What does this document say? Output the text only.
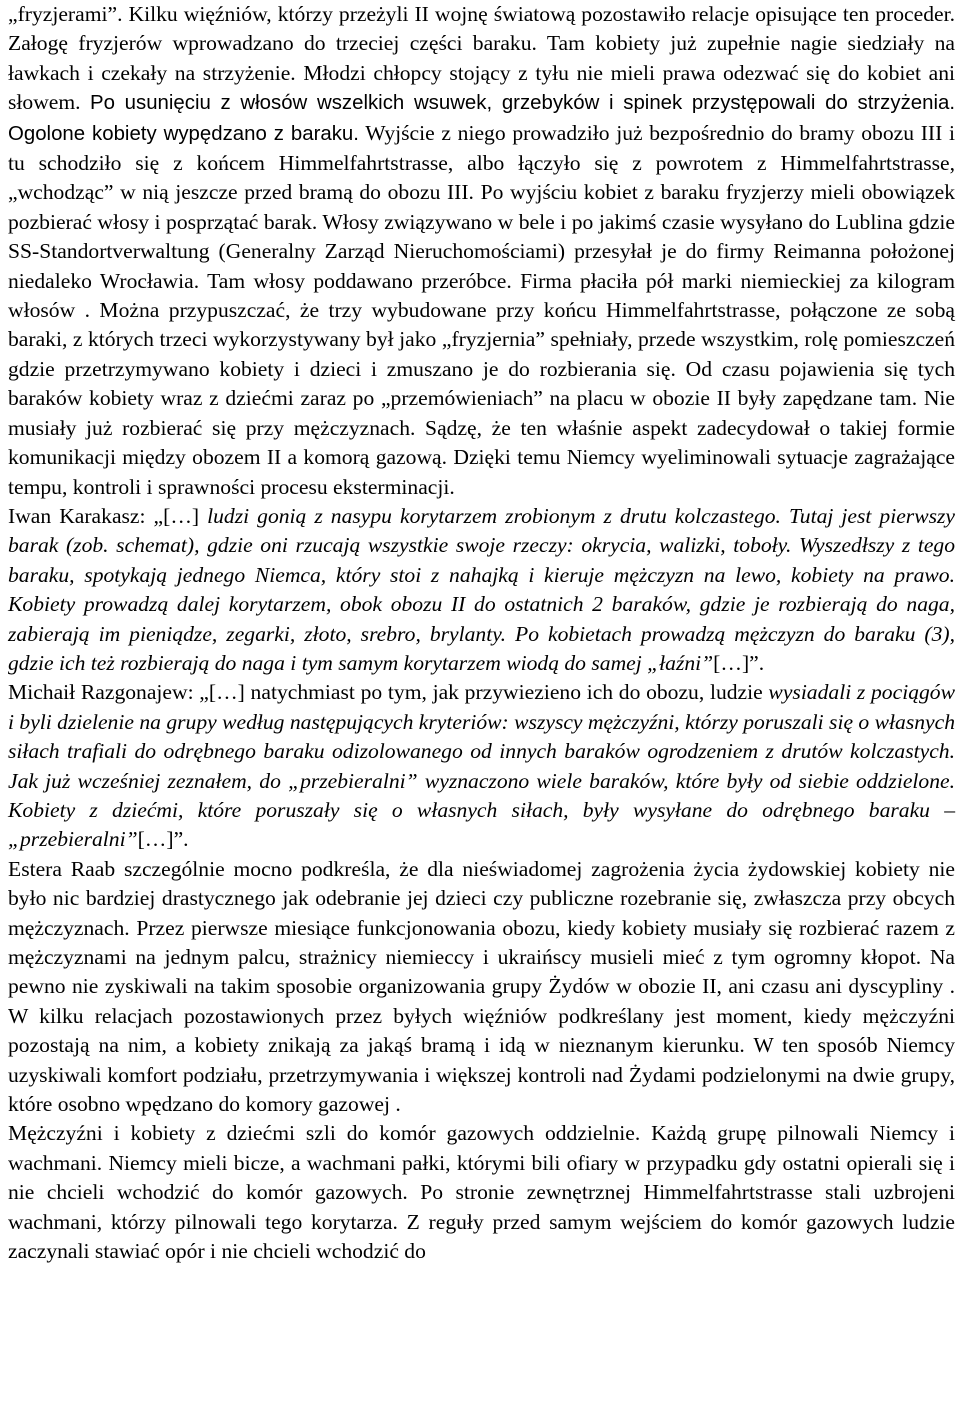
„fryzjerami”. Kilku więźniów, którzy przeżyli II wojnę światową pozostawiło relacje opisujące ten proceder. Załogę fryzjerów wprowadzano do trzeciej części baraku. Tam kobiety już zupełnie nagie siedziały na ławkach i czekały na strzyżenie. Młodzi chłopcy stojący z tyłu nie mieli prawa odezwać się do kobiet ani słowem. Po usunięciu z włosów wszelkich wsuwek, grzebyków i spinek przystępowali do strzyżenia. Ogolone kobiety wypędzano z baraku. Wyjście z niego prowadziło już bezpośrednio do bramy obozu III i tu schodziło się z końcem Himmelfahrtstrasse, albo łączyło się z powrotem z Himmelfahrtstrasse, „wchodząc” w nią jeszcze przed bramą do obozu III. Po wyjściu kobiet z baraku fryzjerzy mieli obowiązek pozbierać włosy i posprzątać barak. Włosy związywano w bele i po jakimś czasie wysyłano do Lublina gdzie SS-Standortverwaltung (Generalny Zarząd Nieruchomościami) przesyłał je do firmy Reimanna położonej niedaleko Wrocławia. Tam włosy poddawano przeróbce. Firma płaciła pół marki niemieckiej za kilogram włosów . Można przypuszczać, że trzy wybudowane przy końcu Himmelfahrtstrasse, połączone ze sobą baraki, z których trzeci wykorzystywany był jako „fryzjernia” spełniały, przede wszystkim, rolę pomieszczeń gdzie przetrzymywano kobiety i dzieci i zmuszano je do rozbierania się. Od czasu pojawienia się tych baraków kobiety wraz z dziećmi zaraz po „przemówieniach” na placu w obozie II były zapędzane tam. Nie musiały już rozbierać się przy mężczyznach. Sądzę, że ten właśnie aspekt zadecydował o takiej formie komunikacji między obozem II a komorą gazową. Dzięki temu Niemcy wyeliminowali sytuacje zagrażające tempu, kontroli i sprawności procesu eksterminacji.

Iwan Karakasz: „[…] ludzi gonią z nasypu korytarzem zrobionym z drutu kolczastego. Tutaj jest pierwszy barak (zob. schemat), gdzie oni rzucają wszystkie swoje rzeczy: okrycia, walizki, toboły. Wyszedłszy z tego baraku, spotykają jednego Niemca, który stoi z nahajką i kieruje mężczyzn na lewo, kobiety na prawo. Kobiety prowadzą dalej korytarzem, obok obozu II do ostatnich 2 baraków, gdzie je rozbierają do naga, zabierają im pieniądze, zegarki, złoto, srebro, brylanty. Po kobietach prowadzą mężczyzn do baraku (3), gdzie ich też rozbierają do naga i tym samym korytarzem wiodą do samej „łaźni”[…]”.

Michaił Razgonajew: „[…] natychmiast po tym, jak przywiezieno ich do obozu, ludzie wysiadali z pociągów i byli dzielenie na grupy według następujących kryteriów: wszyscy mężczyźni, którzy poruszali się o własnych siłach trafiali do odrębnego baraku odizolowanego od innych baraków ogrodzeniem z drutów kolczastych. Jak już wcześniej zeznałem, do „przebieralni” wyznaczono wiele baraków, które były od siebie oddzielone. Kobiety z dziećmi, które poruszały się o własnych siłach, były wysyłane do odrębnego baraku – „przebieralni”[…]”.

Estera Raab szczególnie mocno podkreśla, że dla nieświadomej zagrożenia życia żydowskiej kobiety nie było nic bardziej drastycznego jak odebranie jej dzieci czy publiczne rozebranie się, zwłaszcza przy obcych mężczyznach. Przez pierwsze miesiące funkcjonowania obozu, kiedy kobiety musiały się rozbierać razem z mężczyznami na jednym palcu, strażnicy niemieccy i ukraińscy musieli mieć z tym ogromny kłopot. Na pewno nie zyskiwali na takim sposobie organizowania grupy Żydów w obozie II, ani czasu ani dyscypliny . W kilku relacjach pozostawionych przez byłych więźniów podkreślany jest moment, kiedy mężczyźni pozostają na nim, a kobiety znikają za jakąś bramą i idą w nieznanym kierunku. W ten sposób Niemcy uzyskiwali komfort podziału, przetrzymywania i większej kontroli nad Żydami podzielonymi na dwie grupy, które osobno wpędzano do komory gazowej .

Mężczyźni i kobiety z dziećmi szli do komór gazowych oddzielnie. Każdą grupę pilnowali Niemcy i wachmani. Niemcy mieli bicze, a wachmani pałki, którymi bili ofiary w przypadku gdy ostatni opierali się i nie chcieli wchodzić do komór gazowych. Po stronie zewnętrznej Himmelfahrtstrasse stali uzbrojeni wachmani, którzy pilnowali tego korytarza. Z reguły przed samym wejściem do komór gazowych ludzie zaczynali stawiać opór i nie chcieli wchodzić do
